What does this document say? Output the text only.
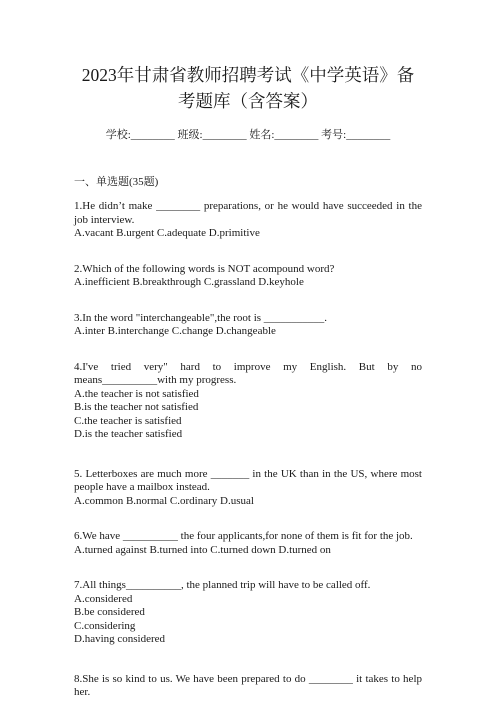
2023年甘肃省教师招聘考试《中学英语》备
考题库（含答案）
学校:________ 班级:________ 姓名:________ 考号:________
一、单选题(35题)
1.He didn’t make ________ preparations, or he would have succeeded in the job interview.
A.vacant B.urgent C.adequate D.primitive
2.Which of the following words is NOT acompound word?
A.inefficient B.breakthrough C.grassland D.keyhole
3.In the word "interchangeable",the root is ___________.
A.inter B.interchange C.change D.changeable
4.I've tried very" hard to improve my English. But by no means__________with my progress.
A.the teacher is not satisfied
B.is the teacher not satisfied
C.the teacher is satisfied
D.is the teacher satisfied
5. Letterboxes are much more _______ in the UK than in the US, where most people have a mailbox instead.
A.common B.normal C.ordinary D.usual
6.We have __________ the four applicants,for none of them is fit for the job.
A.turned against B.turned into C.turned down D.turned on
7.All things__________, the planned trip will have to be called off.
A.considered
B.be considered
C.considering
D.having considered
8.She is so kind to us. We have been prepared to do ________ it takes to help her.
